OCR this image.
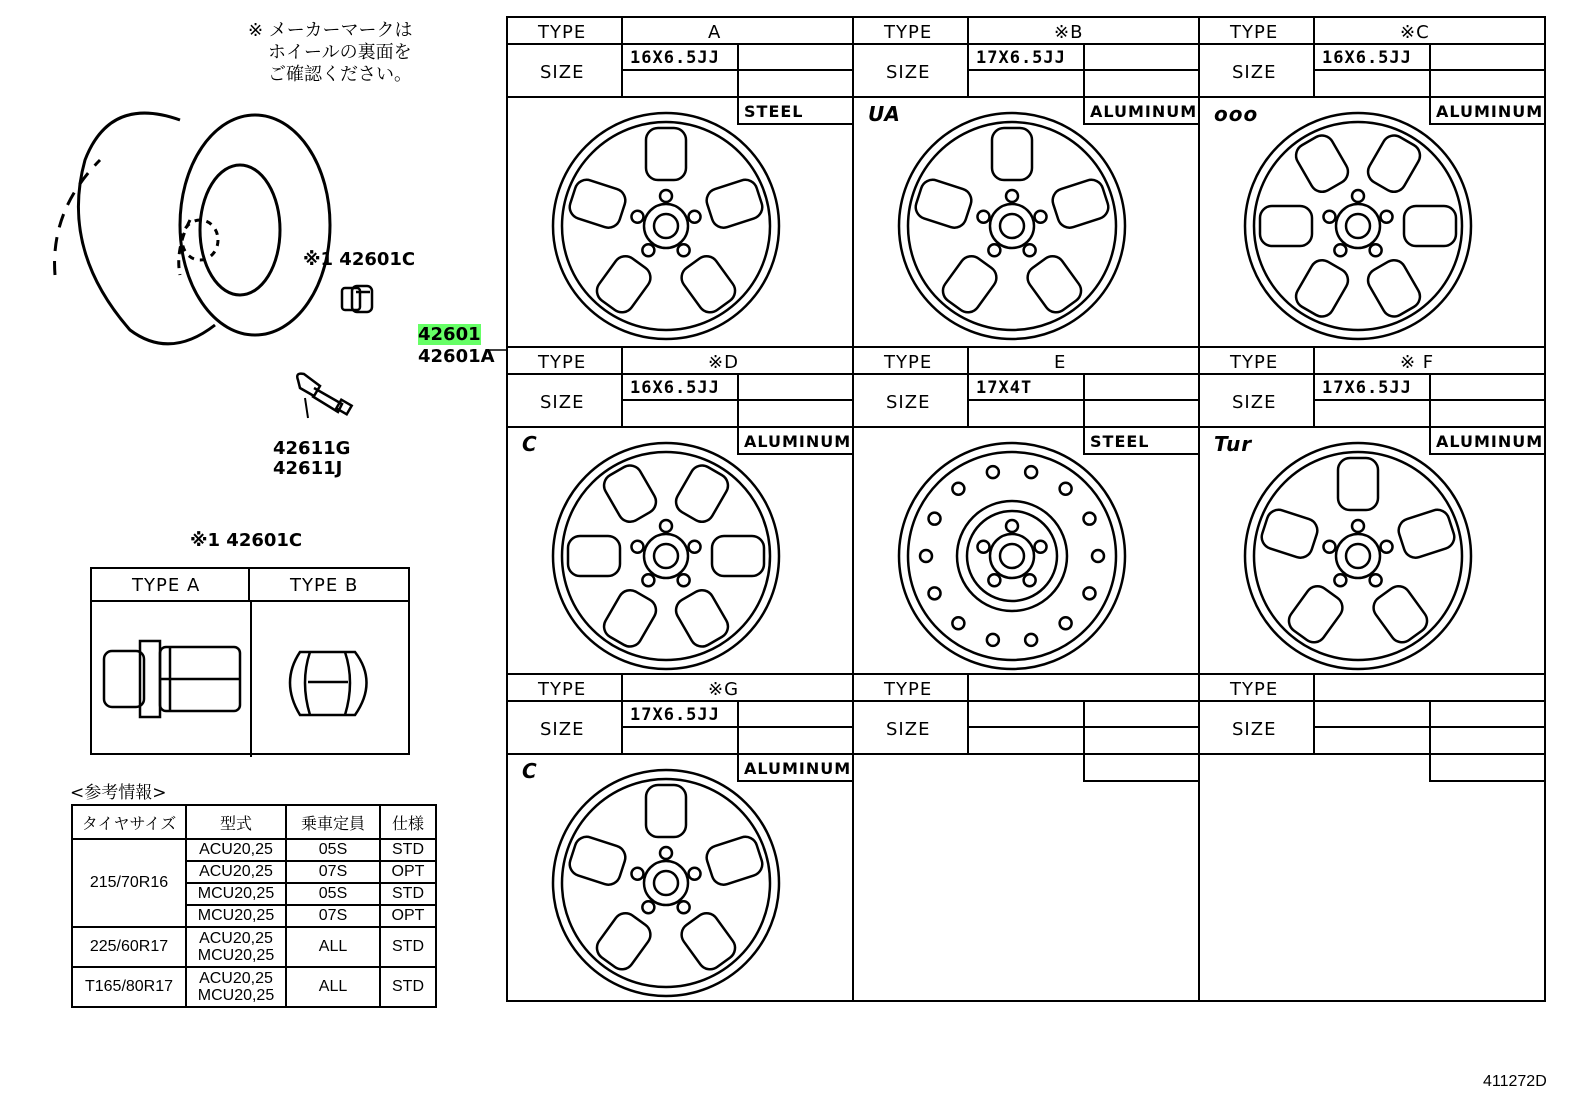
※ メーカーマークは
ホイールの裏面を
ご確認ください。
※1 42601C
42611G
42611J
42601
42601A
※1 42601C
TYPE A	TYPE B
<参考情報>
タイヤサイズ	型式	乗車定員	仕様
215/70R16	ACU20,25	05S	STD
	ACU20,25	07S	OPT
	MCU20,25	05S	STD
	MCU20,25	07S	OPT
225/60R17	ACU20,25
MCU20,25	ALL	STD
T165/80R17	ACU20,25
MCU20,25	ALL	STD
TYPE	A
SIZE
16X6.5JJ
STEEL
TYPE	※B
SIZE
17X6.5JJ
ALUMINUM
UA
TYPE	※C
SIZE
16X6.5JJ
ALUMINUM
ooo
TYPE	※D
SIZE
16X6.5JJ
ALUMINUM
C
TYPE	E
SIZE
17X4T
STEEL
TYPE	※ F
SIZE
17X6.5JJ
ALUMINUM
Tur
TYPE	※G
SIZE
17X6.5JJ
ALUMINUM
C
TYPE
SIZE
TYPE
SIZE
411272D
